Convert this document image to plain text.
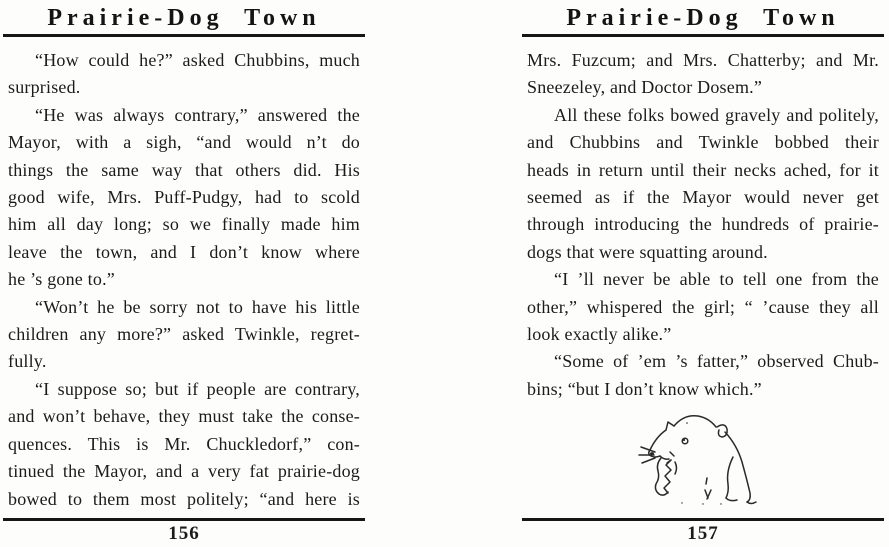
Prairie-Dog Town
“How could he?” asked Chubbins, much
surprised.
“He was always contrary,” answered the
Mayor, with a sigh, “and would n’t do
things the same way that others did. His
good wife, Mrs. Puff-Pudgy, had to scold
him all day long; so we finally made him
leave the town, and I don’t know where
he ’s gone to.”
“Won’t he be sorry not to have his little
children any more?” asked Twinkle, regret-
fully.
“I suppose so; but if people are contrary,
and won’t behave, they must take the conse-
quences. This is Mr. Chuckledorf,” con-
tinued the Mayor, and a very fat prairie-dog
bowed to them most politely; “and here is
156
Prairie-Dog Town
Mrs. Fuzcum; and Mrs. Chatterby; and Mr.
Sneezeley, and Doctor Dosem.”
All these folks bowed gravely and politely,
and Chubbins and Twinkle bobbed their
heads in return until their necks ached, for it
seemed as if the Mayor would never get
through introducing the hundreds of prairie-
dogs that were squatting around.
“I ’ll never be able to tell one from the
other,” whispered the girl; “ ’cause they all
look exactly alike.”
“Some of ’em ’s fatter,” observed Chub-
bins; “but I don’t know which.”
157
